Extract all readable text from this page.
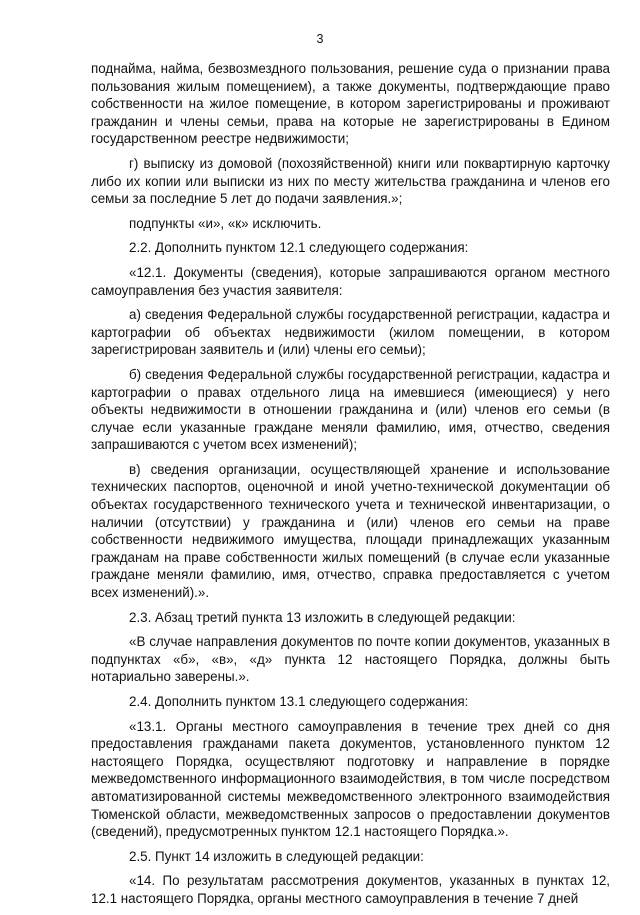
3

поднайма, найма, безвозмездного пользования, решение суда о признании права пользования жилым помещением), а также документы, подтверждающие право собственности на жилое помещение, в котором зарегистрированы и проживают гражданин и члены семьи, права на которые не зарегистрированы в Едином государственном реестре недвижимости;

г) выписку из домовой (похозяйственной) книги или поквартирную карточку либо их копии или выписки из них по месту жительства гражданина и членов его семьи за последние 5 лет до подачи заявления.»;

подпункты «и», «к» исключить.

2.2. Дополнить пунктом 12.1 следующего содержания:

«12.1. Документы (сведения), которые запрашиваются органом местного самоуправления без участия заявителя:

а) сведения Федеральной службы государственной регистрации, кадастра и картографии об объектах недвижимости (жилом помещении, в котором зарегистрирован заявитель и (или) члены его семьи);

б) сведения Федеральной службы государственной регистрации, кадастра и картографии о правах отдельного лица на имевшиеся (имеющиеся) у него объекты недвижимости в отношении гражданина и (или) членов его семьи (в случае если указанные граждане меняли фамилию, имя, отчество, сведения запрашиваются с учетом всех изменений);

в) сведения организации, осуществляющей хранение и использование технических паспортов, оценочной и иной учетно-технической документации об объектах государственного технического учета и технической инвентаризации, о наличии (отсутствии) у гражданина и (или) членов его семьи на праве собственности недвижимого имущества, площади принадлежащих указанным гражданам на праве собственности жилых помещений (в случае если указанные граждане меняли фамилию, имя, отчество, справка предоставляется с учетом всех изменений).».

2.3. Абзац третий пункта 13 изложить в следующей редакции:

«В случае направления документов по почте копии документов, указанных в подпунктах «б», «в», «д» пункта 12 настоящего Порядка, должны быть нотариально заверены.».

2.4. Дополнить пунктом 13.1 следующего содержания:

«13.1. Органы местного самоуправления в течение трех дней со дня предоставления гражданами пакета документов, установленного пунктом 12 настоящего Порядка, осуществляют подготовку и направление в порядке межведомственного информационного взаимодействия, в том числе посредством автоматизированной системы межведомственного электронного взаимодействия Тюменской области, межведомственных запросов о предоставлении документов (сведений), предусмотренных пунктом 12.1 настоящего Порядка.».

2.5. Пункт 14 изложить в следующей редакции:

«14. По результатам рассмотрения документов, указанных в пунктах 12, 12.1 настоящего Порядка, органы местного самоуправления в течение 7 дней
